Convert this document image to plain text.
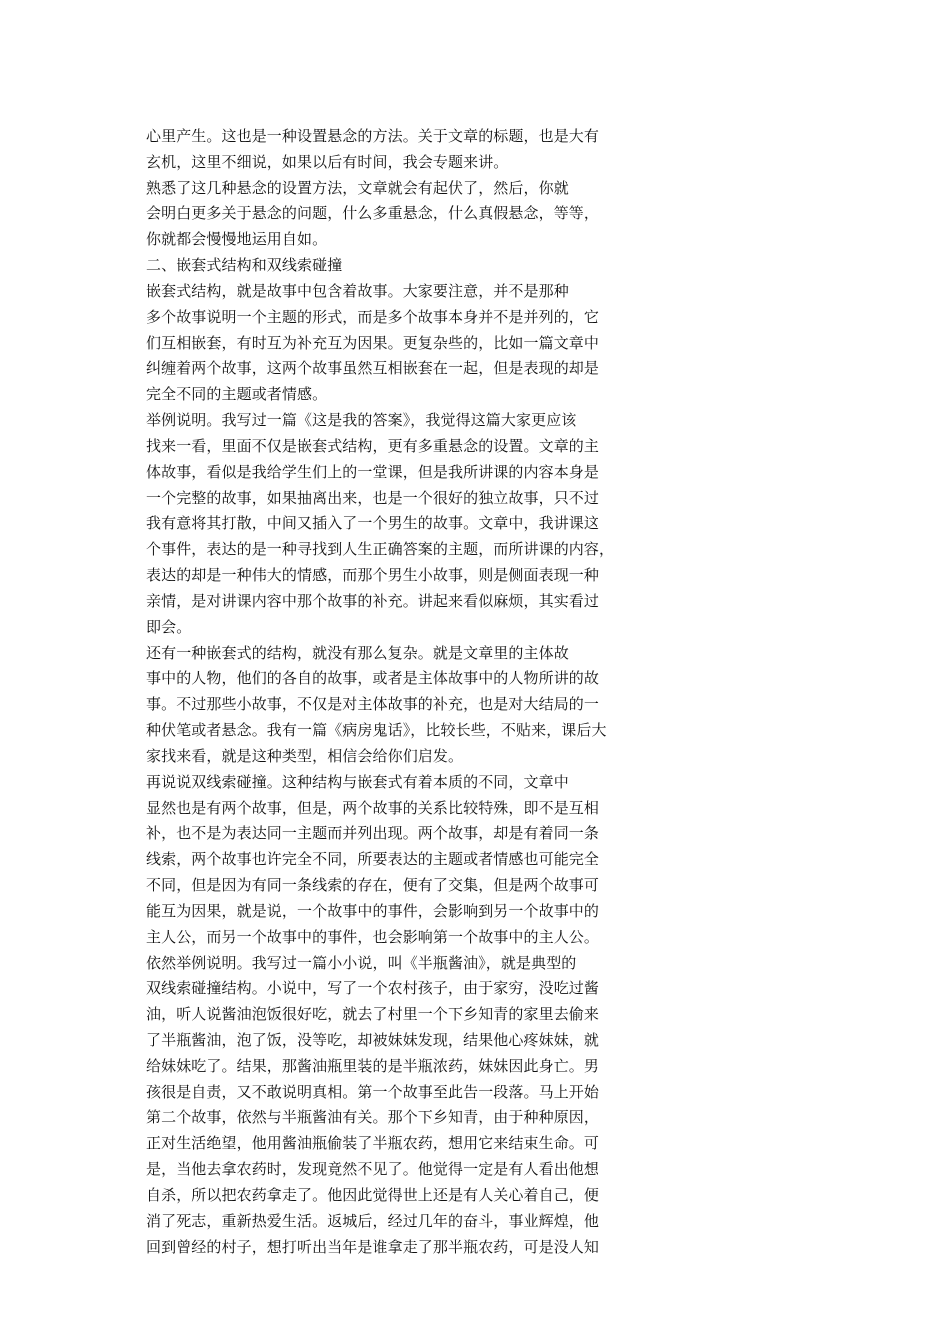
心里产生。这也是一种设置悬念的方法。关于文章的标题，也是大有
玄机，这里不细说，如果以后有时间，我会专题来讲。
熟悉了这几种悬念的设置方法，文章就会有起伏了，然后，你就
会明白更多关于悬念的问题，什么多重悬念，什么真假悬念，等等，
你就都会慢慢地运用自如。
二、嵌套式结构和双线索碰撞
嵌套式结构，就是故事中包含着故事。大家要注意，并不是那种
多个故事说明一个主题的形式，而是多个故事本身并不是并列的，它
们互相嵌套，有时互为补充互为因果。更复杂些的，比如一篇文章中
纠缠着两个故事，这两个故事虽然互相嵌套在一起，但是表现的却是
完全不同的主题或者情感。
举例说明。我写过一篇《这是我的答案》，我觉得这篇大家更应该
找来一看，里面不仅是嵌套式结构，更有多重悬念的设置。文章的主
体故事，看似是我给学生们上的一堂课，但是我所讲课的内容本身是
一个完整的故事，如果抽离出来，也是一个很好的独立故事，只不过
我有意将其打散，中间又插入了一个男生的故事。文章中，我讲课这
个事件，表达的是一种寻找到人生正确答案的主题，而所讲课的内容，
表达的却是一种伟大的情感，而那个男生小故事，则是侧面表现一种
亲情，是对讲课内容中那个故事的补充。讲起来看似麻烦，其实看过
即会。
还有一种嵌套式的结构，就没有那么复杂。就是文章里的主体故
事中的人物，他们的各自的故事，或者是主体故事中的人物所讲的故
事。不过那些小故事，不仅是对主体故事的补充，也是对大结局的一
种伏笔或者悬念。我有一篇《病房鬼话》，比较长些，不贴来，课后大
家找来看，就是这种类型，相信会给你们启发。
再说说双线索碰撞。这种结构与嵌套式有着本质的不同，文章中
显然也是有两个故事，但是，两个故事的关系比较特殊，即不是互相
补，也不是为表达同一主题而并列出现。两个故事，却是有着同一条
线索，两个故事也许完全不同，所要表达的主题或者情感也可能完全
不同，但是因为有同一条线索的存在，便有了交集，但是两个故事可
能互为因果，就是说，一个故事中的事件，会影响到另一个故事中的
主人公，而另一个故事中的事件，也会影响第一个故事中的主人公。
依然举例说明。我写过一篇小小说，叫《半瓶酱油》，就是典型的
双线索碰撞结构。小说中，写了一个农村孩子，由于家穷，没吃过酱
油，听人说酱油泡饭很好吃，就去了村里一个下乡知青的家里去偷来
了半瓶酱油，泡了饭，没等吃，却被妹妹发现，结果他心疼妹妹，就
给妹妹吃了。结果，那酱油瓶里装的是半瓶浓药，妹妹因此身亡。男
孩很是自责，又不敢说明真相。第一个故事至此告一段落。马上开始
第二个故事，依然与半瓶酱油有关。那个下乡知青，由于种种原因，
正对生活绝望，他用酱油瓶偷装了半瓶农药，想用它来结束生命。可
是，当他去拿农药时，发现竟然不见了。他觉得一定是有人看出他想
自杀，所以把农药拿走了。他因此觉得世上还是有人关心着自己，便
消了死志，重新热爱生活。返城后，经过几年的奋斗，事业辉煌，他
回到曾经的村子，想打听出当年是谁拿走了那半瓶农药，可是没人知
